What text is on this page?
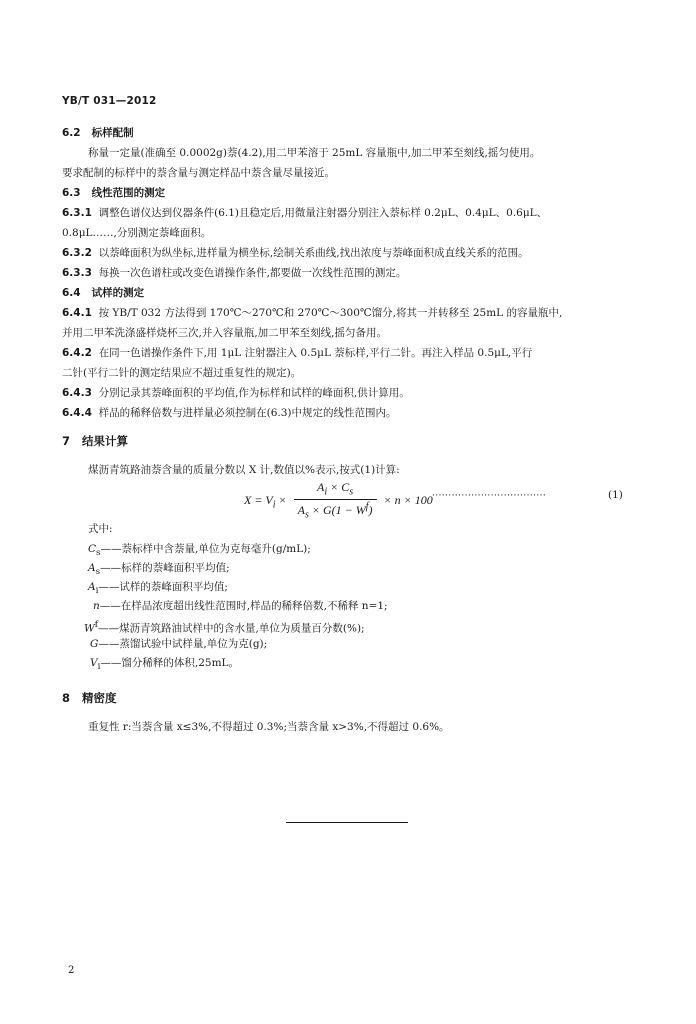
YB/T 031—2012
6.2 标样配制
称量一定量(准确至 0.0002g)萘(4.2),用二甲苯溶于 25mL 容量瓶中,加二甲苯至刻线,摇匀使用。
要求配制的标样中的萘含量与测定样品中萘含量尽量接近。
6.3 线性范围的测定
6.3.1 调整色谱仪达到仪器条件(6.1)且稳定后,用微量注射器分别注入萘标样 0.2μL、0.4μL、0.6μL、
0.8μL……,分别测定萘峰面积。
6.3.2 以萘峰面积为纵坐标,进样量为横坐标,绘制关系曲线,找出浓度与萘峰面积成直线关系的范围。
6.3.3 每换一次色谱柱或改变色谱操作条件,都要做一次线性范围的测定。
6.4 试样的测定
6.4.1 按 YB/T 032 方法得到 170℃～270℃和 270℃～300℃馏分,将其一并转移至 25mL 的容量瓶中,
并用二甲苯洗涤盛样烧杯三次,并入容量瓶,加二甲苯至刻线,摇匀备用。
6.4.2 在同一色谱操作条件下,用 1μL 注射器注入 0.5μL 萘标样,平行二针。再注入样品 0.5μL,平行
二针(平行二针的测定结果应不超过重复性的规定)。
6.4.3 分别记录其萘峰面积的平均值,作为标样和试样的峰面积,供计算用。
6.4.4 样品的稀释倍数与进样量必须控制在(6.3)中规定的线性范围内。
7 结果计算
煤沥青筑路油萘含量的质量分数以 X 计,数值以%表示,按式(1)计算:
$X = V_i \times \frac{A_i \times C_s}{A_s \times G(1 - W^f)} \times n \times 100$ ···································	(1)
式中:
$C_s——$萘标样中含萘量,单位为克每毫升(g/mL);
$A_s——$标样的萘峰面积平均值;
$A_i——$试样的萘峰面积平均值;
n——在样品浓度超出线性范围时,样品的稀释倍数,不稀释 n=1;
$W^f——$煤沥青筑路油试样中的含水量,单位为质量百分数(%);
G——蒸馏试验中试样量,单位为克(g);
$V_i——$馏分稀释的体积,25mL。
8 精密度
重复性 r:当萘含量 x≤3%,不得超过 0.3%;当萘含量 x>3%,不得超过 0.6%。
2
